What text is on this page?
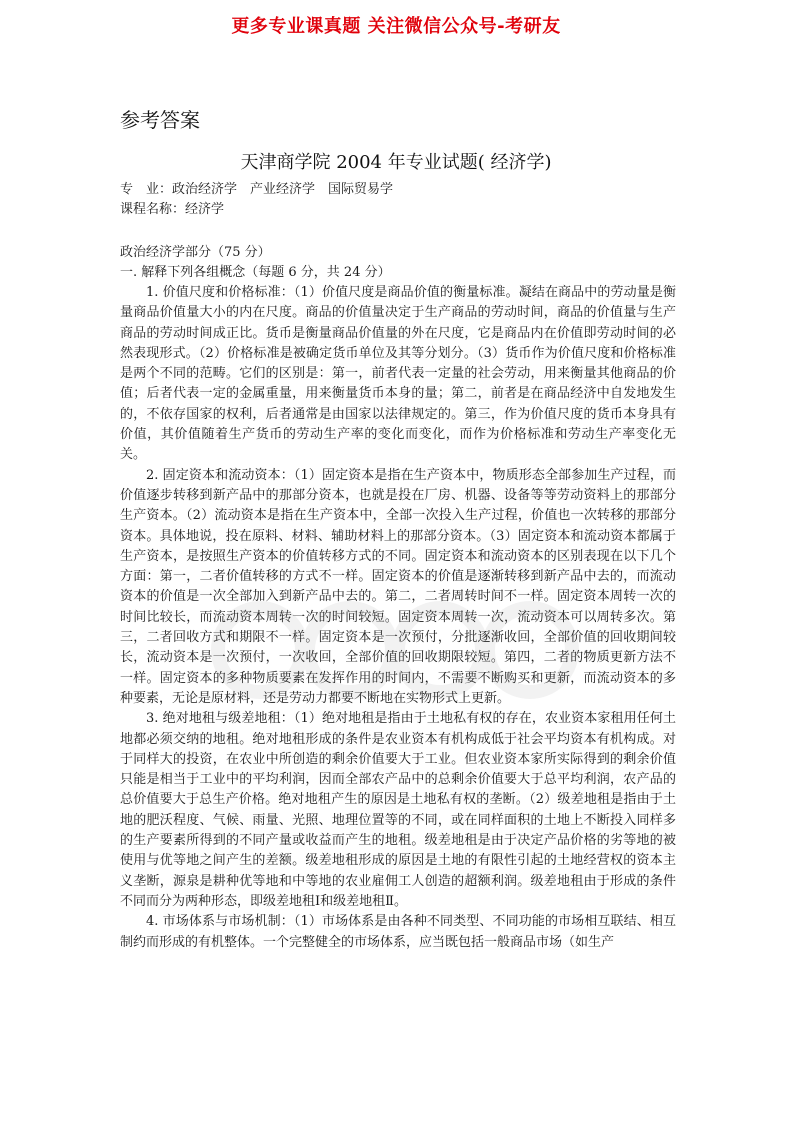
更多专业课真题 关注微信公众号-考研友
参考答案
天津商学院 2004 年专业试题( 经济学)
专　业：政治经济学　产业经济学　国际贸易学
课程名称：经济学
政治经济学部分（75 分）
一. 解释下列各组概念（每题 6 分，共 24 分）

1. 价值尺度和价格标准：（1）价值尺度是商品价值的衡量标准。凝结在商品中的劳动量是衡量商品价值量大小的内在尺度。商品的价值量决定于生产商品的劳动时间，商品的价值量与生产商品的劳动时间成正比。货币是衡量商品价值量的外在尺度，它是商品内在价值即劳动时间的必然表现形式。（2）价格标准是被确定货币单位及其等分划分。（3）货币作为价值尺度和价格标准是两个不同的范畴。它们的区别是：第一，前者代表一定量的社会劳动，用来衡量其他商品的价值；后者代表一定的金属重量，用来衡量货币本身的量；第二，前者是在商品经济中自发地发生的，不依存国家的权利，后者通常是由国家以法律规定的。第三，作为价值尺度的货币本身具有价值，其价值随着生产货币的劳动生产率的变化而变化，而作为价格标准和劳动生产率变化无关。

2. 固定资本和流动资本：（1）固定资本是指在生产资本中，物质形态全部参加生产过程，而价值逐步转移到新产品中的那部分资本，也就是投在厂房、机器、设备等等劳动资料上的那部分生产资本。（2）流动资本是指在生产资本中，全部一次投入生产过程，价值也一次转移的那部分资本。具体地说，投在原料、材料、辅助材料上的那部分资本。（3）固定资本和流动资本都属于生产资本，是按照生产资本的价值转移方式的不同。固定资本和流动资本的区别表现在以下几个方面：第一，二者价值转移的方式不一样。固定资本的价值是逐渐转移到新产品中去的，而流动资本的价值是一次全部加入到新产品中去的。第二，二者周转时间不一样。固定资本周转一次的时间比较长，而流动资本周转一次的时间较短。固定资本周转一次，流动资本可以周转多次。第三，二者回收方式和期限不一样。固定资本是一次预付，分批逐渐收回，全部价值的回收期间较长，流动资本是一次预付，一次收回，全部价值的回收期限较短。第四，二者的物质更新方法不一样。固定资本的多种物质要素在发挥作用的时间内，不需要不断购买和更新，而流动资本的多种要素，无论是原材料，还是劳动力都要不断地在实物形式上更新。

3. 绝对地租与级差地租：（1）绝对地租是指由于土地私有权的存在，农业资本家租用任何土地都必须交纳的地租。绝对地租形成的条件是农业资本有机构成低于社会平均资本有机构成。对于同样大的投资，在农业中所创造的剩余价值要大于工业。但农业资本家所实际得到的剩余价值只能是相当于工业中的平均利润，因而全部农产品中的总剩余价值要大于总平均利润，农产品的总价值要大于总生产价格。绝对地租产生的原因是土地私有权的垄断。（2）级差地租是指由于土地的肥沃程度、气候、雨量、光照、地理位置等的不同，或在同样面积的土地上不断投入同样多的生产要素所得到的不同产量或收益而产生的地租。级差地租是由于决定产品价格的劣等地的被使用与优等地之间产生的差额。级差地租形成的原因是土地的有限性引起的土地经营权的资本主义垄断，源泉是耕种优等地和中等地的农业雇佣工人创造的超额利润。级差地租由于形成的条件不同而分为两种形态，即级差地租Ⅰ和级差地租Ⅱ。

4. 市场体系与市场机制：（1）市场体系是由各种不同类型、不同功能的市场相互联结、相互制约而形成的有机整体。一个完整健全的市场体系，应当既包括一般商品市场（如生产
